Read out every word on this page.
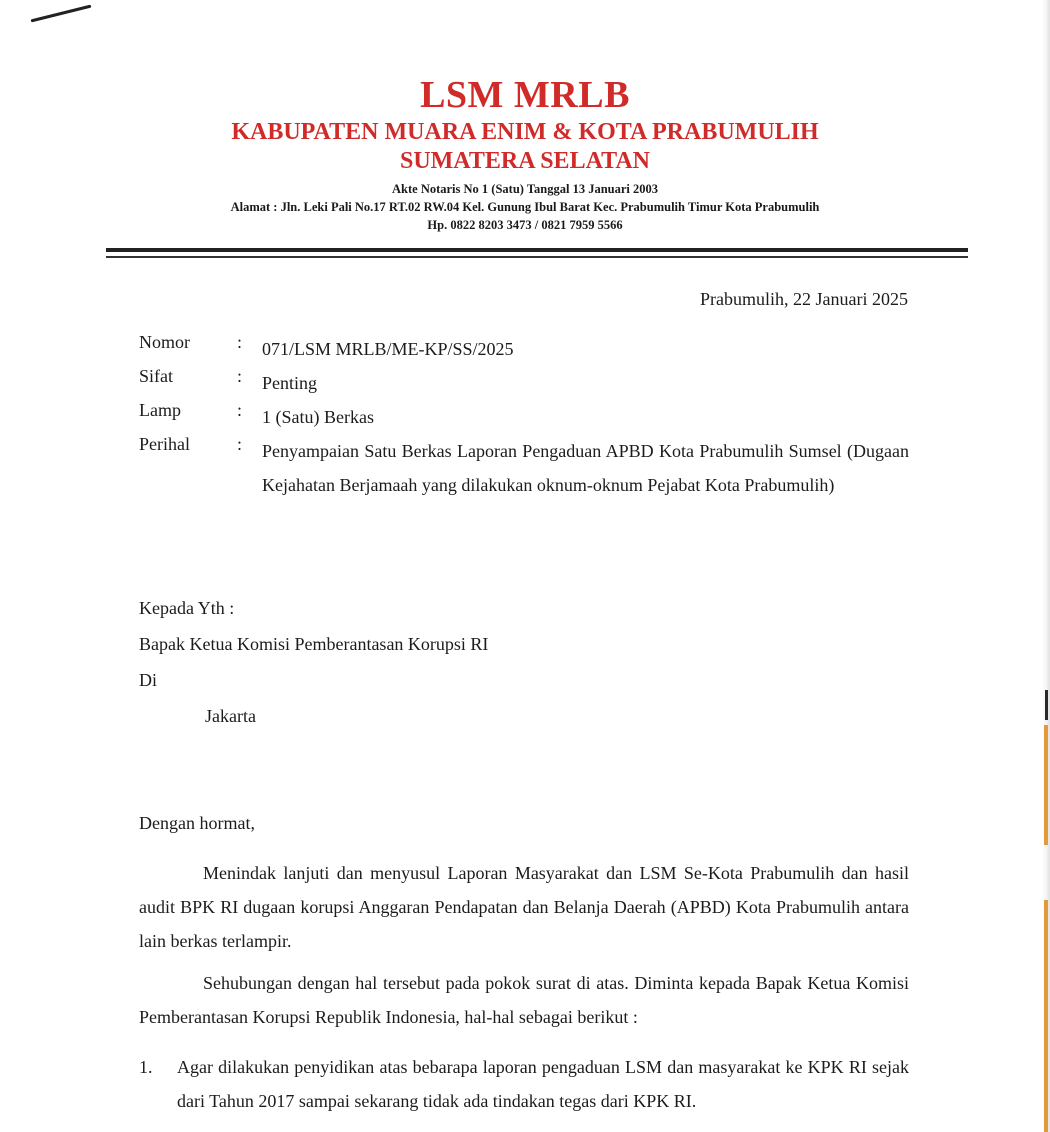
LSM MRLB

KABUPATEN MUARA ENIM & KOTA PRABUMULIH

SUMATERA SELATAN

Akte Notaris No 1 (Satu) Tanggal 13 Januari 2003

Alamat : Jln. Leki Pali No.17 RT.02 RW.04 Kel. Gunung Ibul Barat Kec. Prabumulih Timur Kota Prabumulih

Hp. 0822 8203 3473 / 0821 7959 5566

Prabumulih, 22 Januari 2025
Nomor	: 071/LSM MRLB/ME-KP/SS/2025
Sifat	: Penting
Lamp	: 1 (Satu) Berkas
Perihal	: Penyampaian Satu Berkas Laporan Pengaduan APBD Kota Prabumulih Sumsel (Dugaan Kejahatan Berjamaah yang dilakukan oknum-oknum Pejabat Kota Prabumulih)
Kepada Yth :
Bapak Ketua Komisi Pemberantasan Korupsi RI
Di
Jakarta
Dengan hormat,

Menindak lanjuti dan menyusul Laporan Masyarakat dan LSM Se-Kota Prabumulih dan hasil audit BPK RI dugaan korupsi Anggaran Pendapatan dan Belanja Daerah (APBD) Kota Prabumulih antara lain berkas terlampir.

Sehubungan dengan hal tersebut pada pokok surat di atas. Diminta kepada Bapak Ketua Komisi Pemberantasan Korupsi Republik Indonesia, hal-hal sebagai berikut :

1. Agar dilakukan penyidikan atas bebarapa laporan pengaduan LSM dan masyarakat ke KPK RI sejak dari Tahun 2017 sampai sekarang tidak ada tindakan tegas dari KPK RI.
